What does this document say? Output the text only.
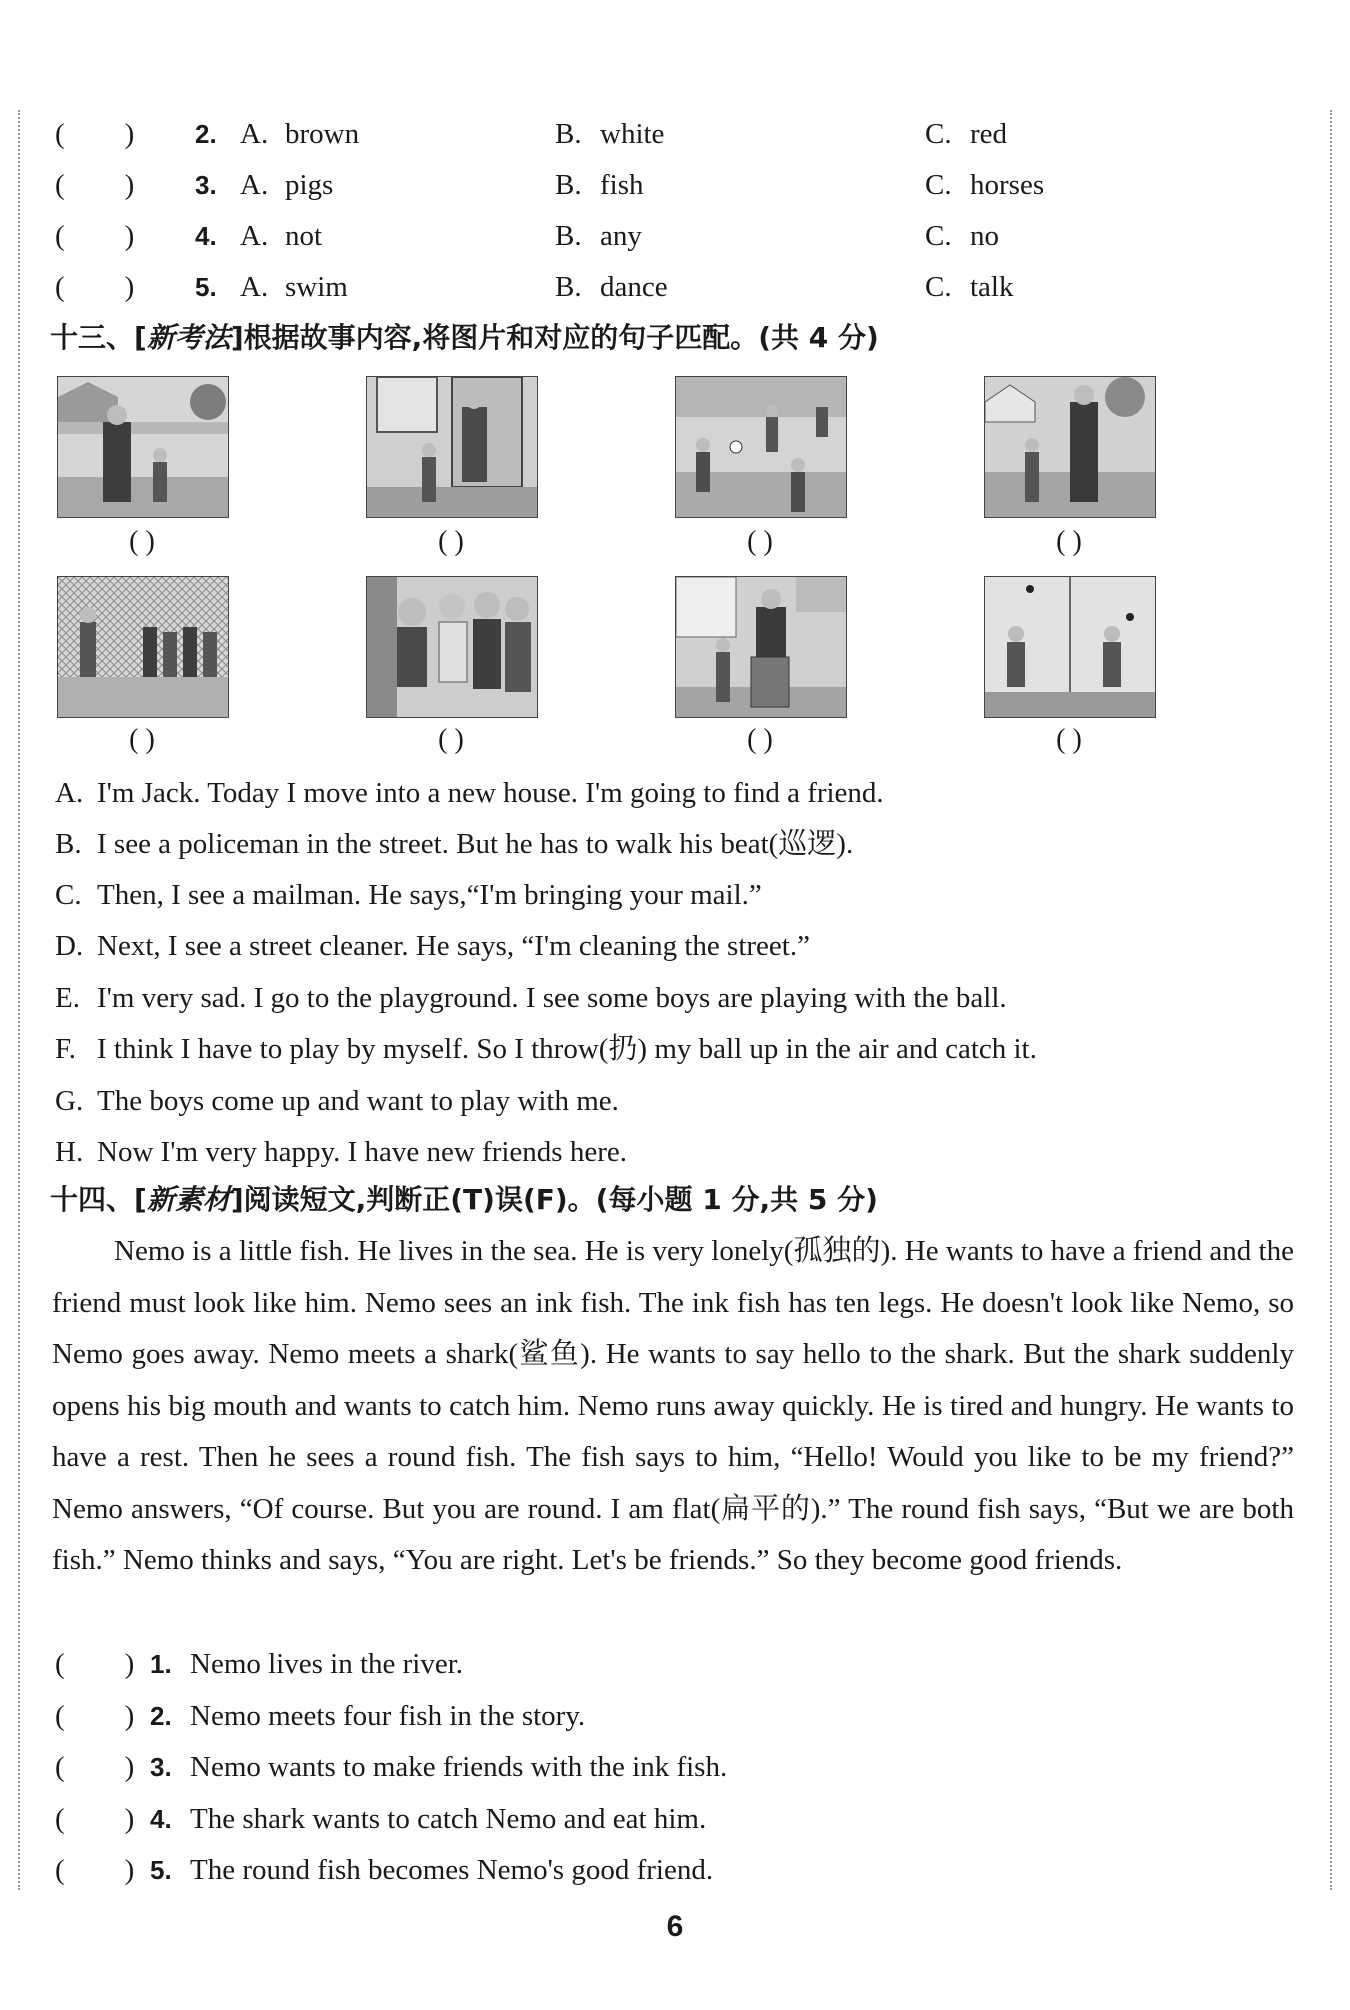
( ) 2. A. brown	B. white	C. red
( ) 3. A. pigs	B. fish	C. horses
( ) 4. A. not	B. any	C. no
( ) 5. A. swim	B. dance	C. talk
十三、[新考法]根据故事内容,将图片和对应的句子匹配。(共 4 分)
( )	( )	( )	( )
( )	( )	( )	( )
A. I'm Jack. Today I move into a new house. I'm going to find a friend.
B. I see a policeman in the street. But he has to walk his beat(巡逻).
C. Then, I see a mailman. He says,“I'm bringing your mail.”
D. Next, I see a street cleaner. He says, “I'm cleaning the street.”
E. I'm very sad. I go to the playground. I see some boys are playing with the ball.
F. I think I have to play by myself. So I throw(扔) my ball up in the air and catch it.
G. The boys come up and want to play with me.
H. Now I'm very happy. I have new friends here.
十四、[新素材]阅读短文,判断正(T)误(F)。(每小题 1 分,共 5 分)

Nemo is a little fish. He lives in the sea. He is very lonely(孤独的). He wants to have a friend and the friend must look like him. Nemo sees an ink fish. The ink fish has ten legs. He doesn't look like Nemo, so Nemo goes away. Nemo meets a shark(鲨鱼). He wants to say hello to the shark. But the shark suddenly opens his big mouth and wants to catch him. Nemo runs away quickly. He is tired and hungry. He wants to have a rest. Then he sees a round fish. The fish says to him, “Hello! Would you like to be my friend?” Nemo answers, “Of course. But you are round. I am flat(扁平的).” The round fish says, “But we are both fish.” Nemo thinks and says, “You are right. Let's be friends.” So they become good friends.

( ) 1. Nemo lives in the river.
( ) 2. Nemo meets four fish in the story.
( ) 3. Nemo wants to make friends with the ink fish.
( ) 4. The shark wants to catch Nemo and eat him.
( ) 5. The round fish becomes Nemo's good friend.
6
